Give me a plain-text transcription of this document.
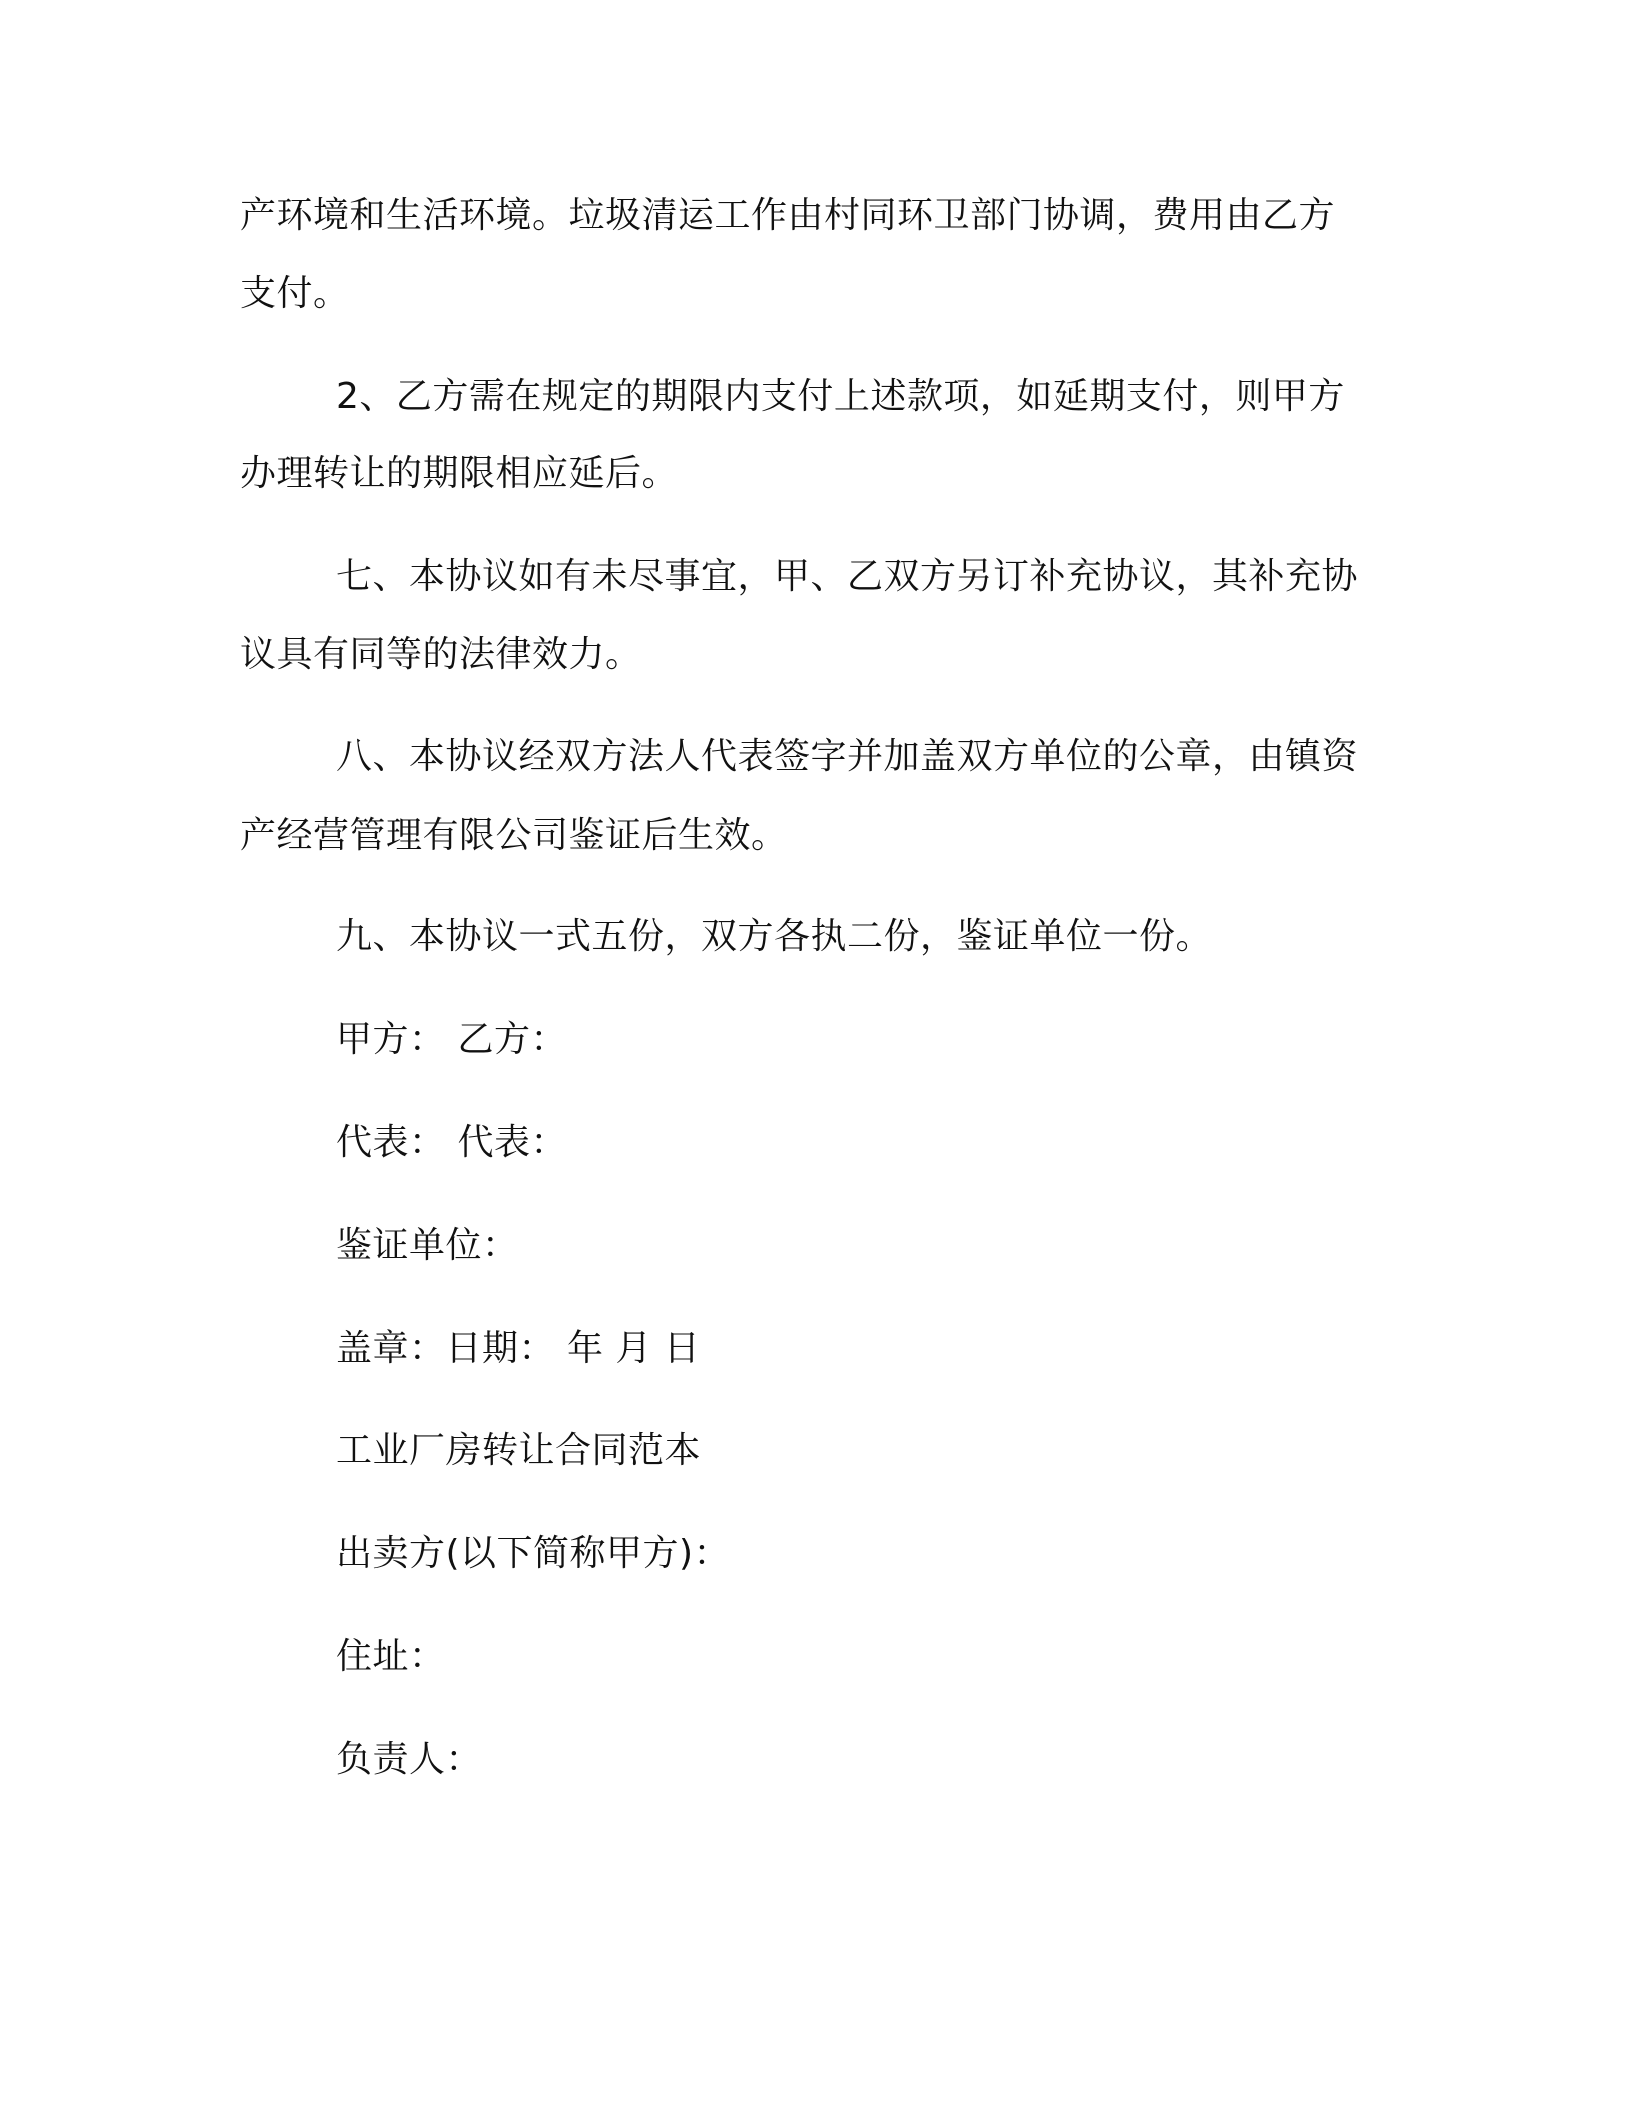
产环境和生活环境。垃圾清运工作由村同环卫部门协调，费用由乙方
支付。
2、乙方需在规定的期限内支付上述款项，如延期支付，则甲方
办理转让的期限相应延后。
七、本协议如有未尽事宜，甲、乙双方另订补充协议，其补充协
议具有同等的法律效力。
八、本协议经双方法人代表签字并加盖双方单位的公章，由镇资
产经营管理有限公司鉴证后生效。
九、本协议一式五份，双方各执二份，鉴证单位一份。
甲方： 乙方：
代表： 代表：
鉴证单位：
盖章：日期： 年 月 日
工业厂房转让合同范本
出卖方(以下简称甲方)：
住址：
负责人：
